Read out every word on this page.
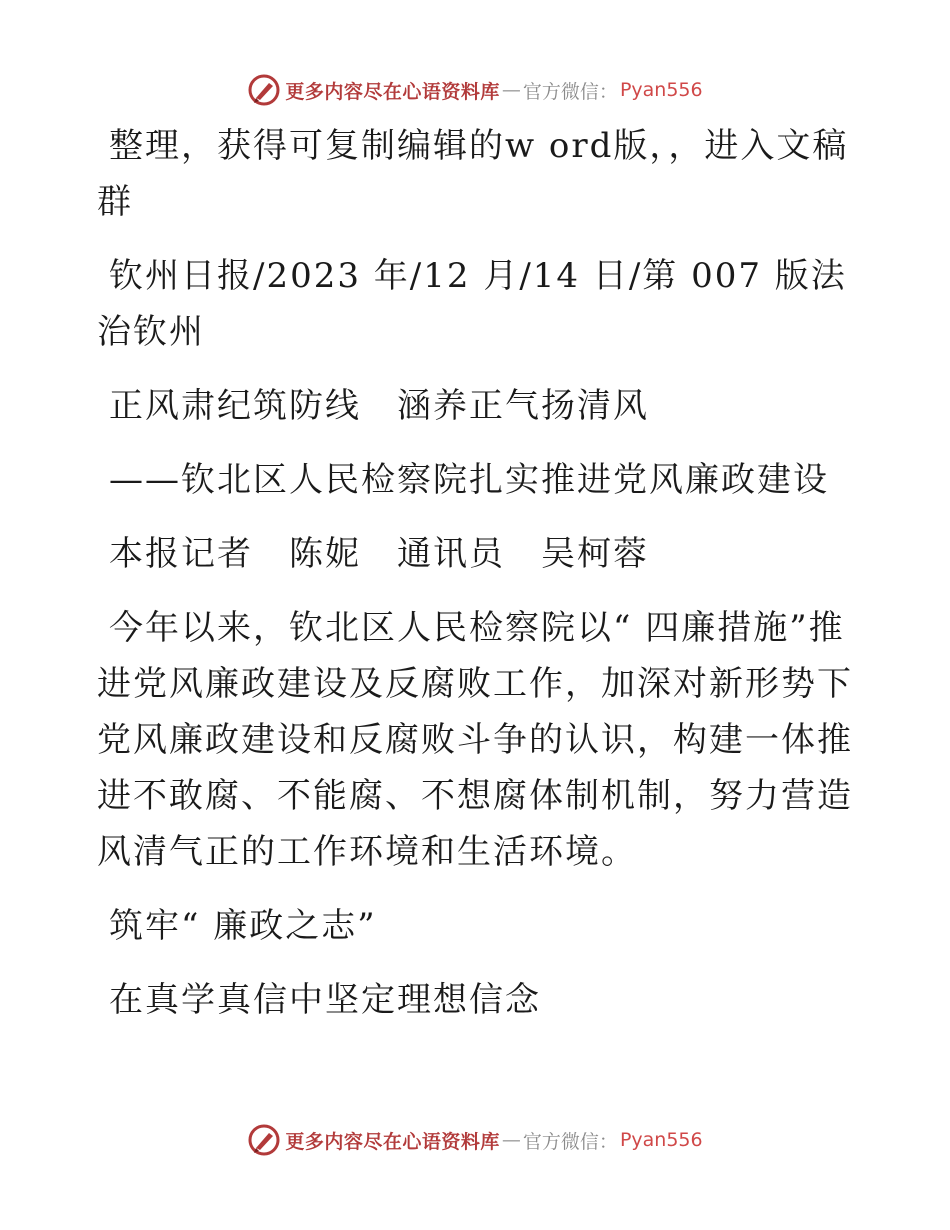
更多内容尽在心语资料库 — 官方微信： Pyan556

整理，获得可复制编辑的w ord版，，进入文稿群

钦州日报/2023 年/12 月/14 日/第 007 版法治钦州

正风肃纪筑防线　涵养正气扬清风

——钦北区人民检察院扎实推进党风廉政建设

本报记者　陈妮　通讯员　吴柯蓉

今年以来，钦北区人民检察院以“ 四廉措施”推进党风廉政建设及反腐败工作，加深对新形势下党风廉政建设和反腐败斗争的认识，构建一体推进不敢腐、不能腐、不想腐体制机制，努力营造风清气正的工作环境和生活环境。

筑牢“ 廉政之志”

在真学真信中坚定理想信念

更多内容尽在心语资料库 — 官方微信： Pyan556
